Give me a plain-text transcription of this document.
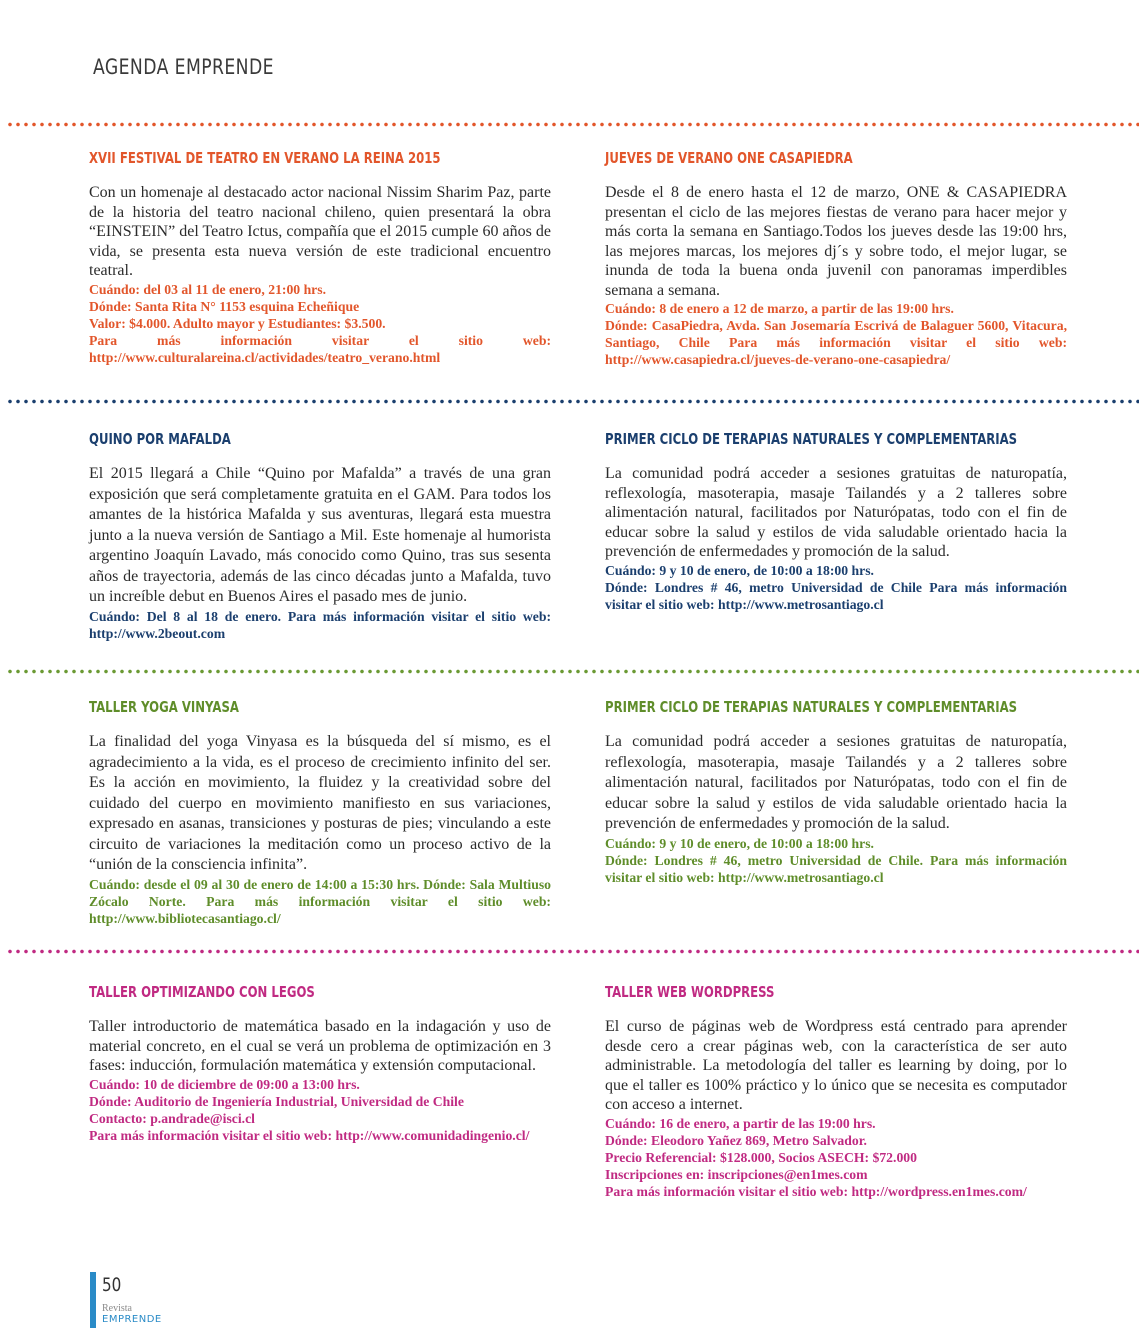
AGENDA EMPRENDE
XVII FESTIVAL DE TEATRO EN VERANO LA REINA 2015

Con un homenaje al destacado actor nacional Nissim Sharim Paz, parte de la historia del teatro nacional chileno, quien presentará la obra “EINSTEIN” del Teatro Ictus, compañía que el 2015 cumple 60 años de vida, se presenta esta nueva versión de este tradicional encuentro teatral.

Cuándo: del 03 al 11 de enero, 21:00 hrs.
Dónde: Santa Rita N° 1153 esquina Echeñique
Valor: $4.000. Adulto mayor y Estudiantes: $3.500.
Para más información visitar el sitio web: http://www.culturalareina.cl/actividades/teatro_verano.html
JUEVES DE VERANO ONE CASAPIEDRA

Desde el 8 de enero hasta el 12 de marzo, ONE & CASAPIEDRA presentan el ciclo de las mejores fiestas de verano para hacer mejor y más corta la semana en Santiago.Todos los jueves desde las 19:00 hrs, las mejores marcas, los mejores dj´s y sobre todo, el mejor lugar, se inunda de toda la buena onda juvenil con panoramas imperdibles semana a semana.

Cuándo: 8 de enero a 12 de marzo, a partir de las 19:00 hrs.
Dónde: CasaPiedra, Avda. San Josemaría Escrivá de Balaguer 5600, Vitacura, Santiago, Chile Para más información visitar el sitio web: http://www.casapiedra.cl/jueves-de-verano-one-casapiedra/
QUINO POR MAFALDA

El 2015 llegará a Chile “Quino por Mafalda” a través de una gran exposición que será completamente gratuita en el GAM. Para todos los amantes de la histórica Mafalda y sus aventuras, llegará esta muestra junto a la nueva versión de Santiago a Mil. Este homenaje al humorista argentino Joaquín Lavado, más conocido como Quino, tras sus sesenta años de trayectoria, además de las cinco décadas junto a Mafalda, tuvo un increíble debut en Buenos Aires el pasado mes de junio.

Cuándo: Del 8 al 18 de enero. Para más información visitar el sitio web: http://www.2beout.com
PRIMER CICLO DE TERAPIAS NATURALES Y COMPLEMENTARIAS

La comunidad podrá acceder a sesiones gratuitas de naturopatía, reflexología, masoterapia, masaje Tailandés y a 2 talleres sobre alimentación natural, facilitados por Naturópatas, todo con el fin de educar sobre la salud y estilos de vida saludable orientado hacia la prevención de enfermedades y promoción de la salud.

Cuándo: 9 y 10 de enero, de 10:00 a 18:00 hrs.
Dónde: Londres # 46, metro Universidad de Chile Para más información visitar el sitio web: http://www.metrosantiago.cl
TALLER YOGA VINYASA

La finalidad del yoga Vinyasa es la búsqueda del sí mismo, es el agradecimiento a la vida, es el proceso de crecimiento infinito del ser. Es la acción en movimiento, la fluidez y la creatividad sobre del cuidado del cuerpo en movimiento manifiesto en sus variaciones, expresado en asanas, transiciones y posturas de pies; vinculando a este circuito de variaciones la meditación como un proceso activo de la “unión de la consciencia infinita”.

Cuándo: desde el 09 al 30 de enero de 14:00 a 15:30 hrs. Dónde: Sala Multiuso Zócalo Norte. Para más información visitar el sitio web: http://www.bibliotecasantiago.cl/
PRIMER CICLO DE TERAPIAS NATURALES Y COMPLEMENTARIAS

La comunidad podrá acceder a sesiones gratuitas de naturopatía, reflexología, masoterapia, masaje Tailandés y a 2 talleres sobre alimentación natural, facilitados por Naturópatas, todo con el fin de educar sobre la salud y estilos de vida saludable orientado hacia la prevención de enfermedades y promoción de la salud.

Cuándo: 9 y 10 de enero, de 10:00 a 18:00 hrs.
Dónde: Londres # 46, metro Universidad de Chile. Para más información visitar el sitio web: http://www.metrosantiago.cl
TALLER OPTIMIZANDO CON LEGOS

Taller introductorio de matemática basado en la indagación y uso de material concreto, en el cual se verá un problema de optimización en 3 fases: inducción, formulación matemática y extensión computacional.

Cuándo: 10 de diciembre de 09:00 a 13:00 hrs.
Dónde: Auditorio de Ingeniería Industrial, Universidad de Chile
Contacto: p.andrade@isci.cl
Para más información visitar el sitio web: http://www.comunidadingenio.cl/
TALLER WEB WORDPRESS

El curso de páginas web de Wordpress está centrado para aprender desde cero a crear páginas web, con la característica de ser auto administrable. La metodología del taller es learning by doing, por lo que el taller es 100% práctico y lo único que se necesita es computador con acceso a internet.

Cuándo: 16 de enero, a partir de las 19:00 hrs.
Dónde: Eleodoro Yañez 869, Metro Salvador.
Precio Referencial: $128.000, Socios ASECH: $72.000
Inscripciones en: inscripciones@en1mes.com
Para más información visitar el sitio web: http://wordpress.en1mes.com/
50
Revista
EMPRENDE
